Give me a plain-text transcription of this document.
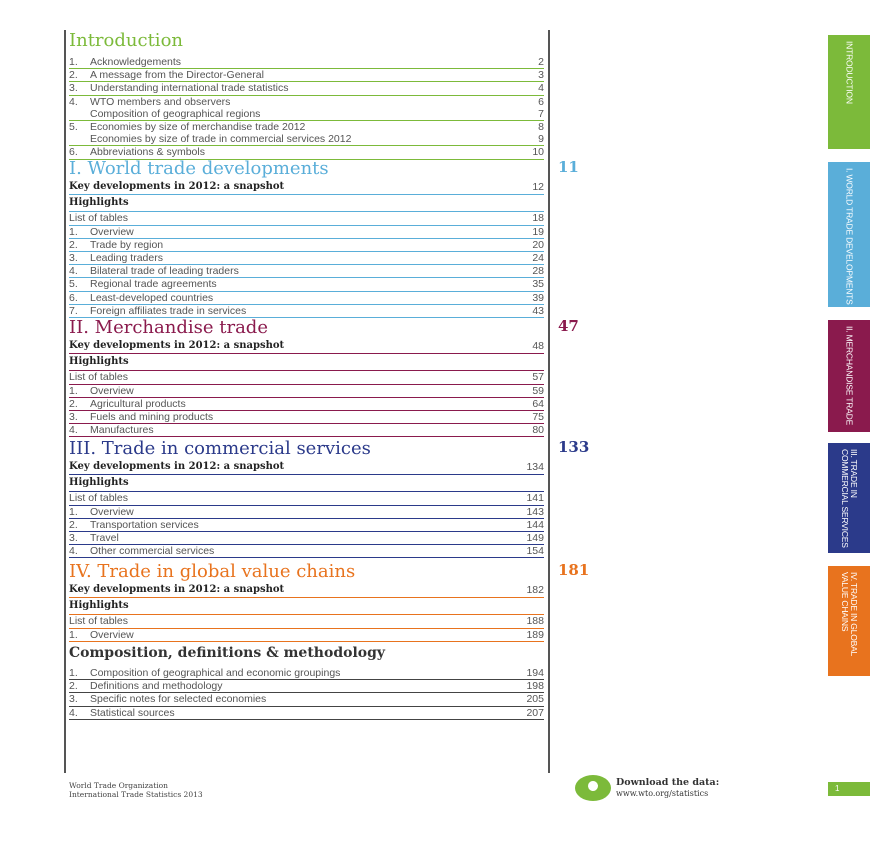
Introduction
1.	Acknowledgements	2
2.	A message from the Director-General	3
3.	Understanding international trade statistics	4
4.	WTO members and observers	6
Composition of geographical regions	7
5.	Economies by size of merchandise trade 2012	8
Economies by size of trade in commercial services 2012	9
6.	Abbreviations & symbols	10
I. World trade developments	11
Key developments in 2012: a snapshot	12
Highlights
List of tables	18
1.	Overview	19
2.	Trade by region	20
3.	Leading traders	24
4.	Bilateral trade of leading traders	28
5.	Regional trade agreements	35
6.	Least-developed countries	39
7.	Foreign affiliates trade in services	43
II. Merchandise trade	47
Key developments in 2012: a snapshot	48
Highlights
List of tables	57
1.	Overview	59
2.	Agricultural products	64
3.	Fuels and mining products	75
4.	Manufactures	80
III. Trade in commercial services	133
Key developments in 2012: a snapshot	134
Highlights
List of tables	141
1.	Overview	143
2.	Transportation services	144
3.	Travel	149
4.	Other commercial services	154
IV. Trade in global value chains	181
Key developments in 2012: a snapshot	182
Highlights
List of tables	188
1.	Overview	189
Composition, definitions & methodology
1.	Composition of geographical and economic groupings	194
2.	Definitions and methodology	198
3.	Specific notes for selected economies	205
4.	Statistical sources	207
INTRODUCTION
I. WORLD TRADE DEVELOPMENTS
II. MERCHANDISE TRADE
III. TRADE IN COMMERCIAL SERVICES
IV. TRADE IN GLOBAL VALUE CHAINS
World Trade Organization
International Trade Statistics 2013
Download the data:
www.wto.org/statistics
1
